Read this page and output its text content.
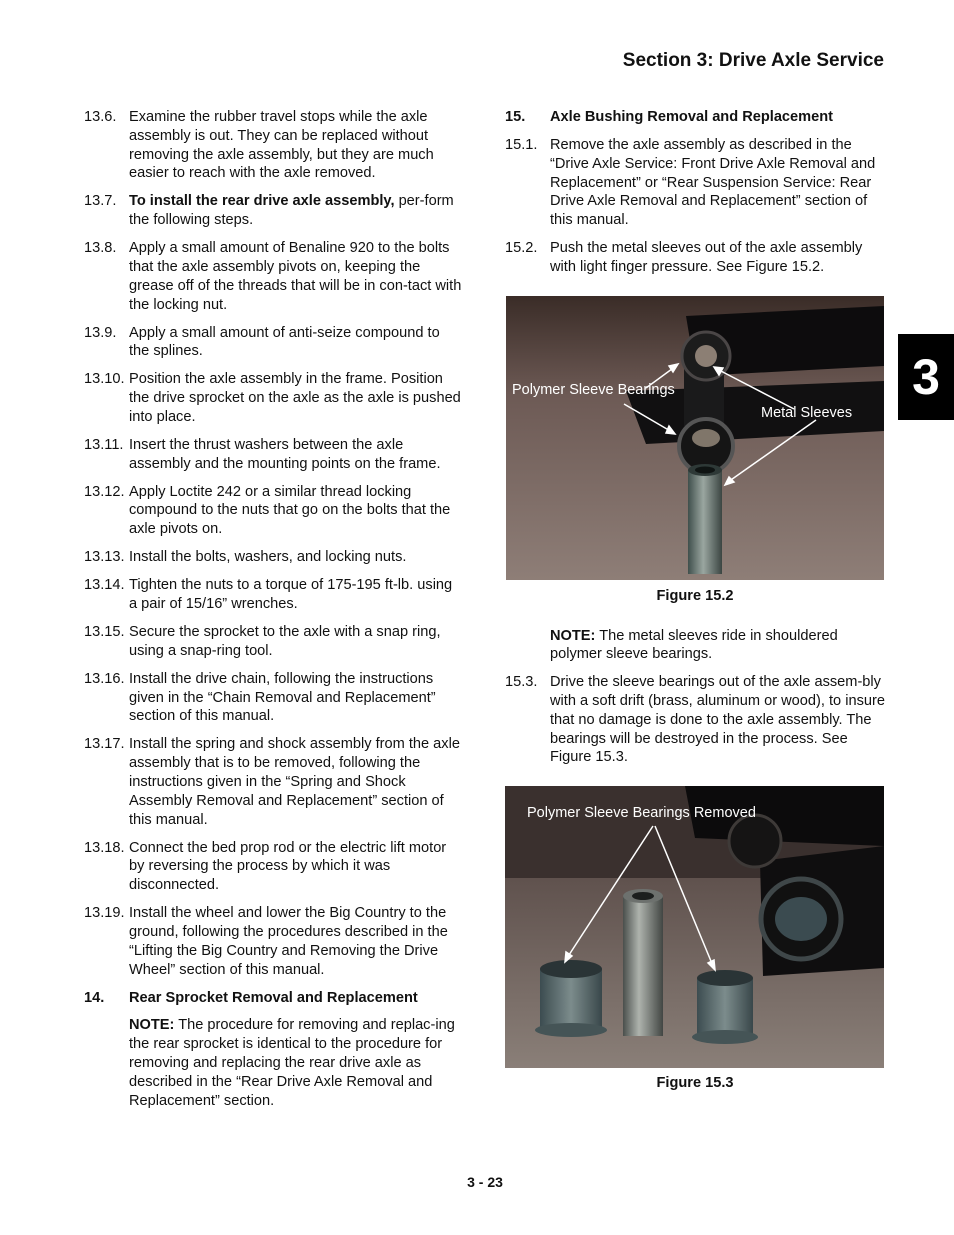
Section 3: Drive Axle Service
3
13.6. Examine the rubber travel stops while the axle assembly is out. They can be replaced without removing the axle assembly, but they are much easier to reach with the axle removed.
13.7. To install the rear drive axle assembly, per-form the following steps.
13.8. Apply a small amount of Benaline 920 to the bolts that the axle assembly pivots on, keeping the grease off of the threads that will be in con-tact with the locking nut.
13.9. Apply a small amount of anti-seize compound to the splines.
13.10. Position the axle assembly in the frame. Position the drive sprocket on the axle as the axle is pushed into place.
13.11. Insert the thrust washers between the axle assembly and the mounting points on the frame.
13.12. Apply Loctite 242 or a similar thread locking compound to the nuts that go on the bolts that the axle pivots on.
13.13. Install the bolts, washers, and locking nuts.
13.14. Tighten the nuts to a torque of 175-195 ft-lb. using a pair of 15/16” wrenches.
13.15. Secure the sprocket to the axle with a snap ring, using a snap-ring tool.
13.16. Install the drive chain, following the instructions given in the “Chain Removal and Replacement” section of this manual.
13.17. Install the spring and shock assembly from the axle assembly that is to be removed, following the instructions given in the “Spring and Shock Assembly Removal and Replacement” section of this manual.
13.18. Connect the bed prop rod or the electric lift motor by reversing the process by which it was disconnected.
13.19. Install the wheel and lower the Big Country to the ground, following the procedures described in the “Lifting the Big Country and Removing the Drive Wheel” section of this manual.
14. Rear Sprocket Removal and Replacement
NOTE: The procedure for removing and replac-ing the rear sprocket is identical to the procedure for removing and replacing the rear drive axle as described in the “Rear Drive Axle Removal and Replacement” section.
15. Axle Bushing Removal and Replacement
15.1. Remove the axle assembly as described in the “Drive Axle Service: Front Drive Axle Removal and Replacement” or “Rear Suspension Service: Rear Drive Axle Removal and Replacement” section of this manual.
15.2. Push the metal sleeves out of the axle assembly with light finger pressure. See Figure 15.2.
Polymer Sleeve Bearings
Metal Sleeves
Figure 15.2
NOTE: The metal sleeves ride in shouldered polymer sleeve bearings.
15.3. Drive the sleeve bearings out of the axle assem-bly with a soft drift (brass, aluminum or wood), to insure that no damage is done to the axle assembly. The bearings will be destroyed in the process. See Figure 15.3.
Polymer Sleeve Bearings Removed
Figure 15.3
3 - 23
